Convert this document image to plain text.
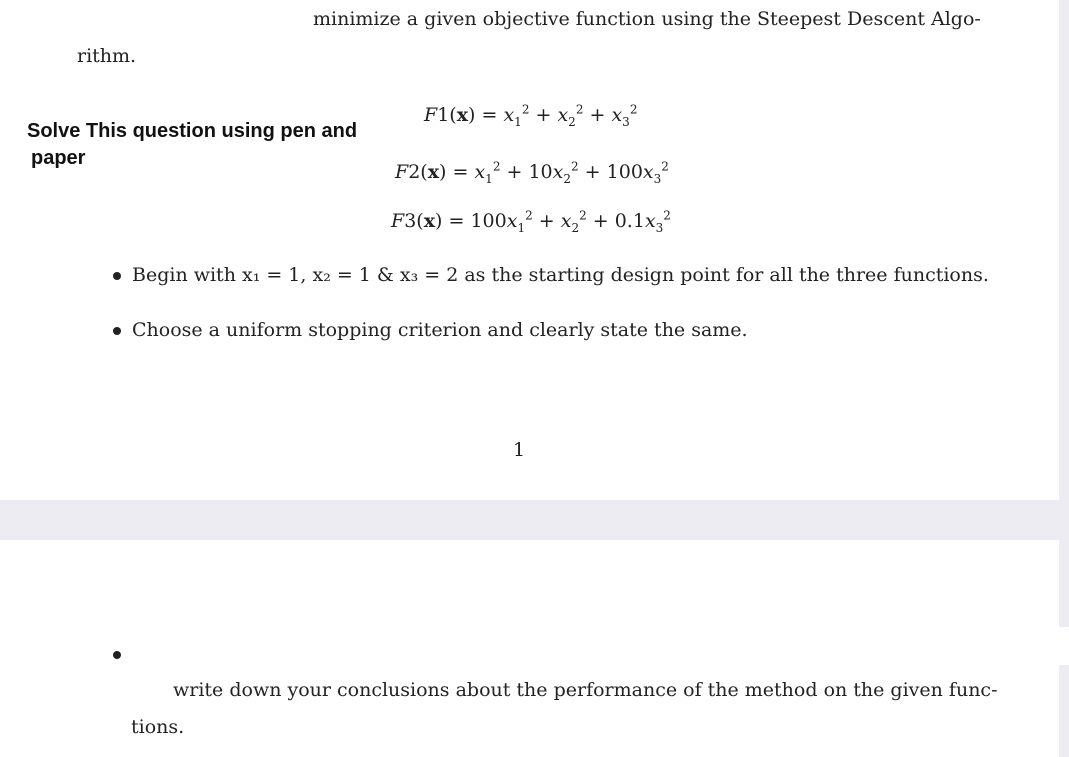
minimize a given objective function using the Steepest Descent Algo-
rithm.
Solve This question using pen and
paper
$F1(x) = x_1^2 + x_2^2 + x_3^2$
$F2(x) = x_1^2 + 10x_2^2 + 100x_3^2$
$F3(x) = 100x_1^2 + x_2^2 + 0.1x_3^2$
Begin with x₁ = 1, x₂ = 1 & x₃ = 2 as the starting design point for all the three functions.
Choose a uniform stopping criterion and clearly state the same.
1
write down your conclusions about the performance of the method on the given func-
tions.
